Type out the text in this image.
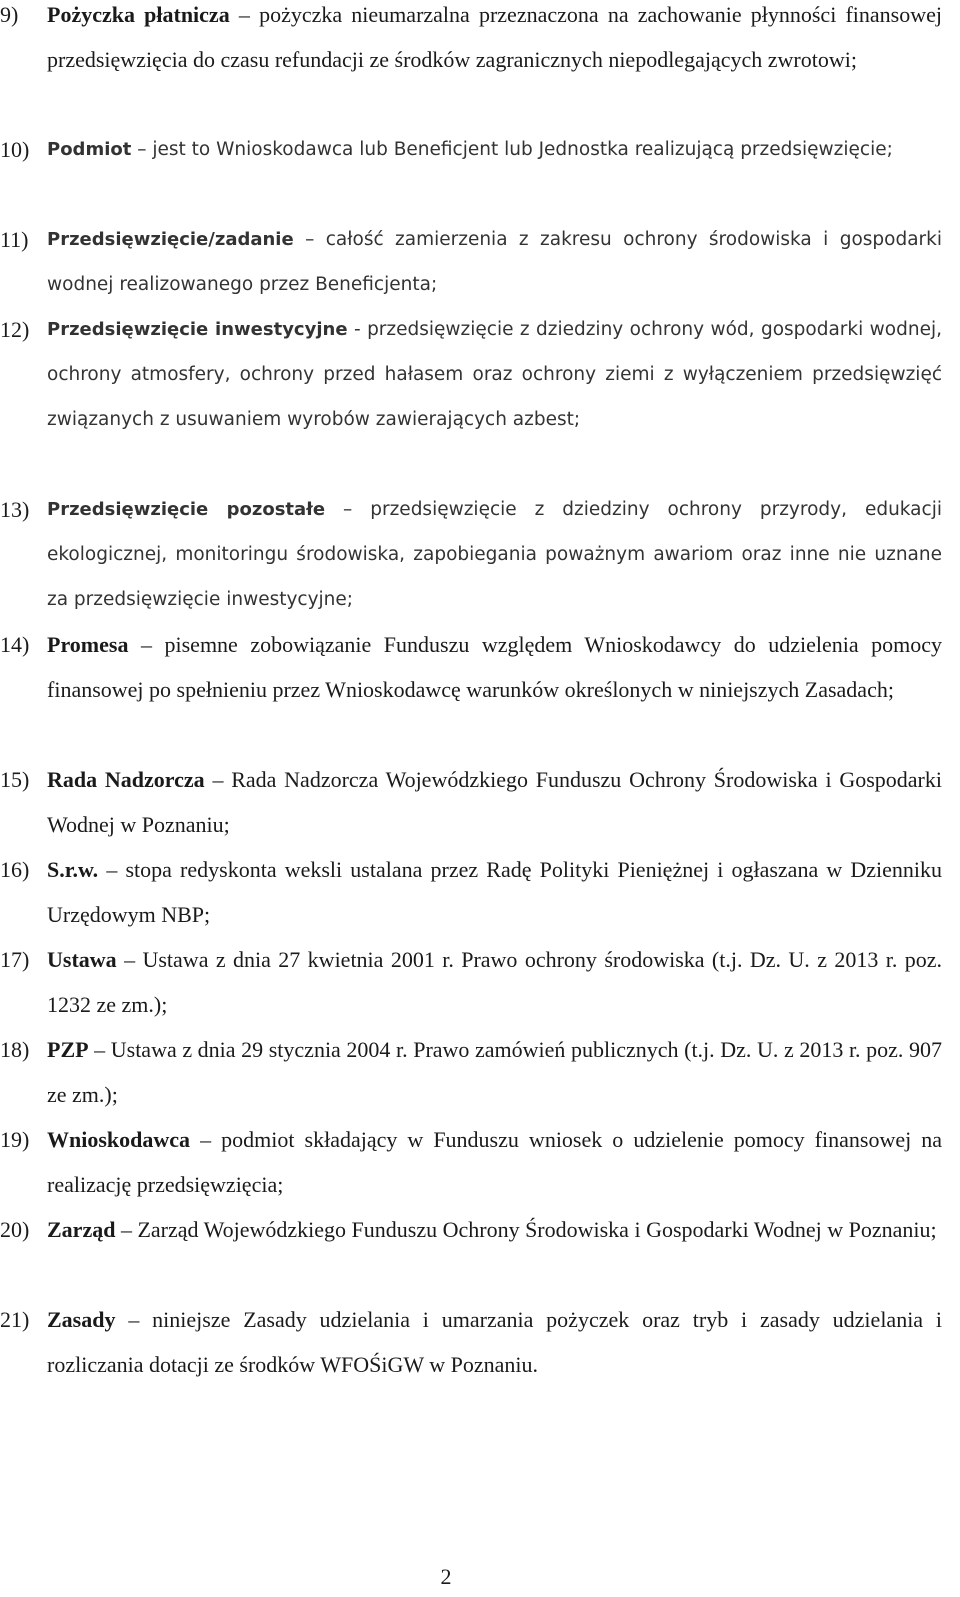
9) Pożyczka płatnicza – pożyczka nieumarzalna przeznaczona na zachowanie płynności finansowej przedsięwzięcia do czasu refundacji ze środków zagranicznych niepodlegających zwrotowi;
10) Podmiot – jest to Wnioskodawca lub Beneficjent lub Jednostka realizującą przedsięwzięcie;
11) Przedsięwzięcie/zadanie – całość zamierzenia z zakresu ochrony środowiska i gospodarki wodnej realizowanego przez Beneficjenta;
12) Przedsięwzięcie inwestycyjne - przedsięwzięcie z dziedziny ochrony wód, gospodarki wodnej, ochrony atmosfery, ochrony przed hałasem oraz ochrony ziemi z wyłączeniem przedsięwzięć związanych z usuwaniem wyrobów zawierających azbest;
13) Przedsięwzięcie pozostałe – przedsięwzięcie z dziedziny ochrony przyrody, edukacji ekologicznej, monitoringu środowiska, zapobiegania poważnym awariom oraz inne nie uznane za przedsięwzięcie inwestycyjne;
14) Promesa – pisemne zobowiązanie Funduszu względem Wnioskodawcy do udzielenia pomocy finansowej po spełnieniu przez Wnioskodawcę warunków określonych w niniejszych Zasadach;
15) Rada Nadzorcza – Rada Nadzorcza Wojewódzkiego Funduszu Ochrony Środowiska i Gospodarki Wodnej w Poznaniu;
16) S.r.w. – stopa redyskonta weksli ustalana przez Radę Polityki Pieniężnej i ogłaszana w Dzienniku Urzędowym NBP;
17) Ustawa – Ustawa z dnia 27 kwietnia 2001 r. Prawo ochrony środowiska (t.j. Dz. U. z 2013 r. poz. 1232 ze zm.);
18) PZP – Ustawa z dnia 29 stycznia 2004 r. Prawo zamówień publicznych (t.j. Dz. U. z 2013 r. poz. 907 ze zm.);
19) Wnioskodawca – podmiot składający w Funduszu wniosek o udzielenie pomocy finansowej na realizację przedsięwzięcia;
20) Zarząd – Zarząd Wojewódzkiego Funduszu Ochrony Środowiska i Gospodarki Wodnej w Poznaniu;
21) Zasady – niniejsze Zasady udzielania i umarzania pożyczek oraz tryb i zasady udzielania i rozliczania dotacji ze środków WFOŚiGW w Poznaniu.
2
